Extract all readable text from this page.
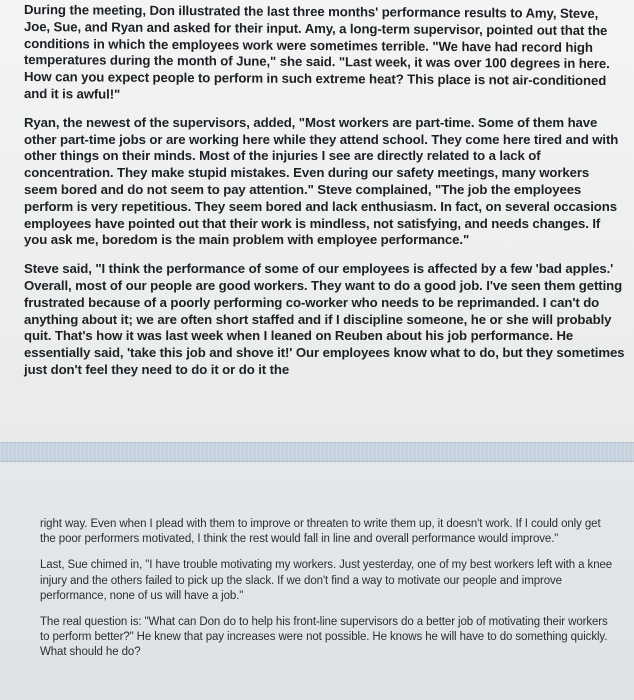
During the meeting, Don illustrated the last three months' performance results to Amy, Steve, Joe, Sue, and Ryan and asked for their input. Amy, a long-term supervisor, pointed out that the conditions in which the employees work were sometimes terrible. "We have had record high temperatures during the month of June," she said. "Last week, it was over 100 degrees in here. How can you expect people to perform in such extreme heat? This place is not air-conditioned and it is awful!"

Ryan, the newest of the supervisors, added, "Most workers are part-time. Some of them have other part-time jobs or are working here while they attend school. They come here tired and with other things on their minds. Most of the injuries I see are directly related to a lack of concentration. They make stupid mistakes. Even during our safety meetings, many workers seem bored and do not seem to pay attention." Steve complained, "The job the employees perform is very repetitious. They seem bored and lack enthusiasm. In fact, on several occasions employees have pointed out that their work is mindless, not satisfying, and needs changes. If you ask me, boredom is the main problem with employee performance."

Steve said, "I think the performance of some of our employees is affected by a few 'bad apples.' Overall, most of our people are good workers. They want to do a good job. I've seen them getting frustrated because of a poorly performing co-worker who needs to be reprimanded. I can't do anything about it; we are often short staffed and if I discipline someone, he or she will probably quit. That's how it was last week when I leaned on Reuben about his job performance. He essentially said, 'take this job and shove it!' Our employees know what to do, but they sometimes just don't feel they need to do it or do it the

right way. Even when I plead with them to improve or threaten to write them up, it doesn't work. If I could only get the poor performers motivated, I think the rest would fall in line and overall performance would improve."

Last, Sue chimed in, "I have trouble motivating my workers. Just yesterday, one of my best workers left with a knee injury and the others failed to pick up the slack. If we don't find a way to motivate our people and improve performance, none of us will have a job."

The real question is: "What can Don do to help his front-line supervisors do a better job of motivating their workers to perform better?" He knew that pay increases were not possible. He knows he will have to do something quickly. What should he do?
